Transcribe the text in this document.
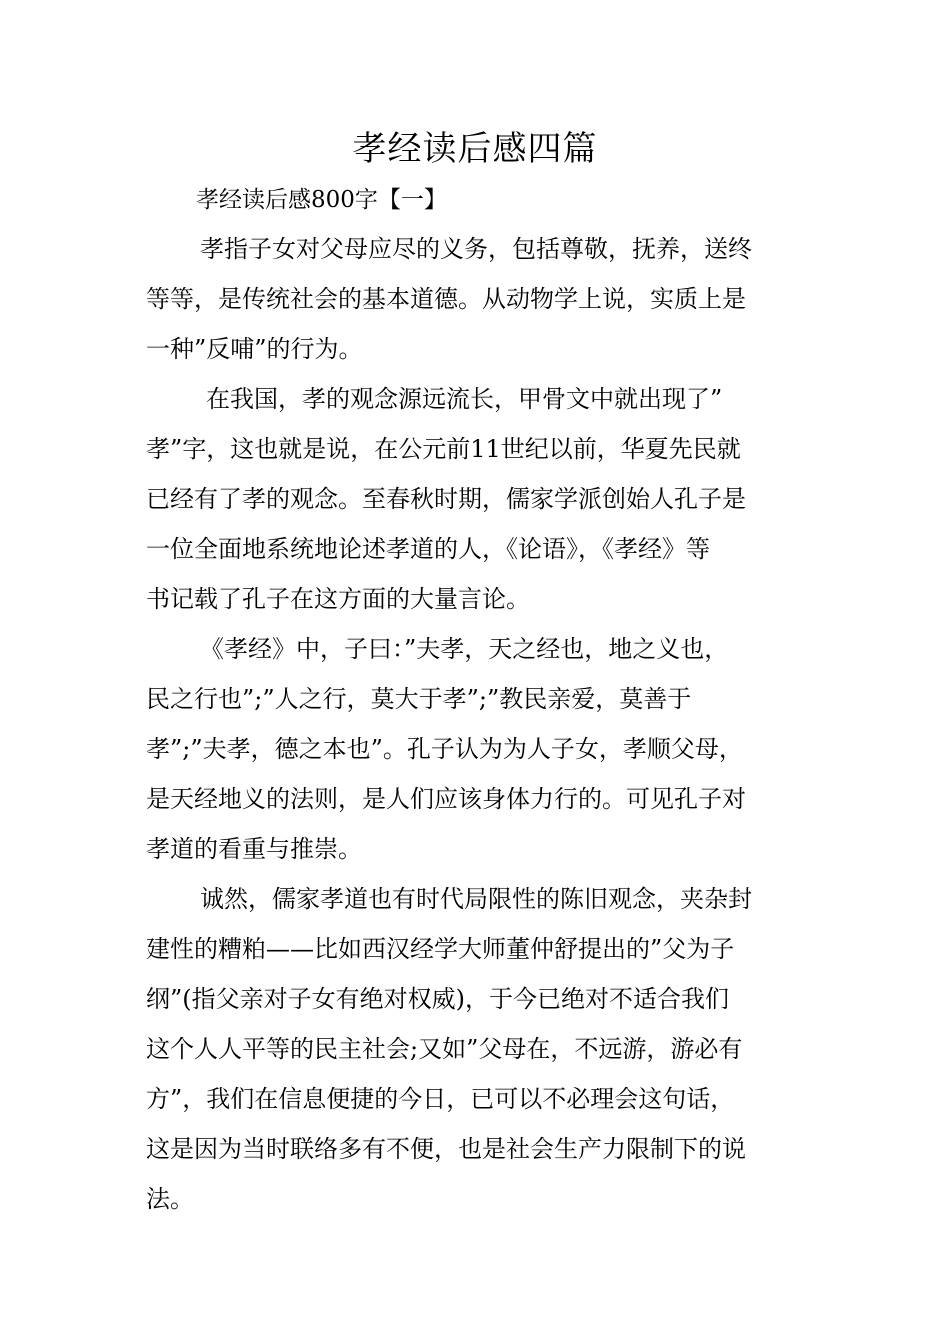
孝经读后感四篇
孝经读后感800字【一】

孝指子女对父母应尽的义务，包括尊敬，抚养，送终
等等，是传统社会的基本道德。从动物学上说，实质上是
一种”反哺”的行为。

在我国，孝的观念源远流长，甲骨文中就出现了”
孝”字，这也就是说，在公元前11世纪以前，华夏先民就
已经有了孝的观念。至春秋时期，儒家学派创始人孔子是
一位全面地系统地论述孝道的人，《论语》，《孝经》等
书记载了孔子在这方面的大量言论。

《孝经》中，子曰：”夫孝，天之经也，地之义也，
民之行也”;”人之行，莫大于孝”;”教民亲爱，莫善于
孝”;”夫孝，德之本也”。孔子认为为人子女，孝顺父母，
是天经地义的法则，是人们应该身体力行的。可见孔子对
孝道的看重与推崇。

诚然，儒家孝道也有时代局限性的陈旧观念，夹杂封
建性的糟粕——比如西汉经学大师董仲舒提出的”父为子
纲”(指父亲对子女有绝对权威)，于今已绝对不适合我们
这个人人平等的民主社会;又如”父母在，不远游，游必有
方”，我们在信息便捷的今日，已可以不必理会这句话，
这是因为当时联络多有不便，也是社会生产力限制下的说
法。
